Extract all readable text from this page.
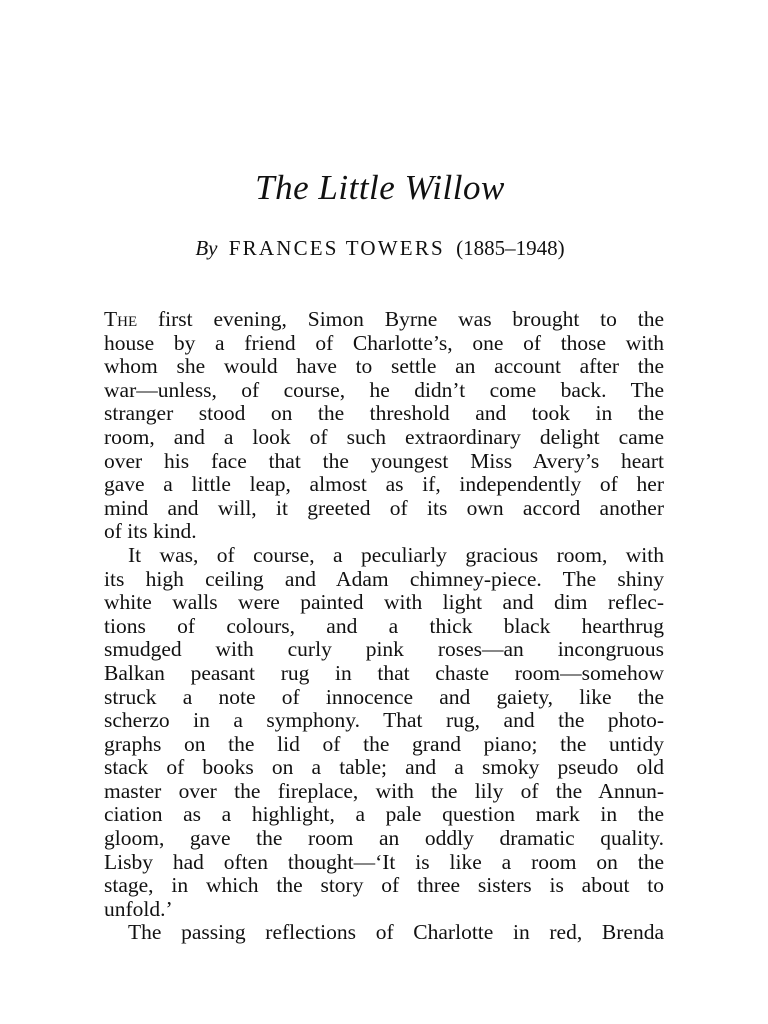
The Little Willow

By FRANCES TOWERS (1885–1948)

The first evening, Simon Byrne was brought to the
house by a friend of Charlotte’s, one of those with
whom she would have to settle an account after the
war—unless, of course, he didn’t come back. The
stranger stood on the threshold and took in the
room, and a look of such extraordinary delight came
over his face that the youngest Miss Avery’s heart
gave a little leap, almost as if, independently of her
mind and will, it greeted of its own accord another
of its kind.
It was, of course, a peculiarly gracious room, with
its high ceiling and Adam chimney-piece. The shiny
white walls were painted with light and dim reflec-
tions of colours, and a thick black hearthrug
smudged with curly pink roses—an incongruous
Balkan peasant rug in that chaste room—somehow
struck a note of innocence and gaiety, like the
scherzo in a symphony. That rug, and the photo-
graphs on the lid of the grand piano; the untidy
stack of books on a table; and a smoky pseudo old
master over the fireplace, with the lily of the Annun-
ciation as a highlight, a pale question mark in the
gloom, gave the room an oddly dramatic quality.
Lisby had often thought—‘It is like a room on the
stage, in which the story of three sisters is about to
unfold.’
The passing reflections of Charlotte in red, Brenda
